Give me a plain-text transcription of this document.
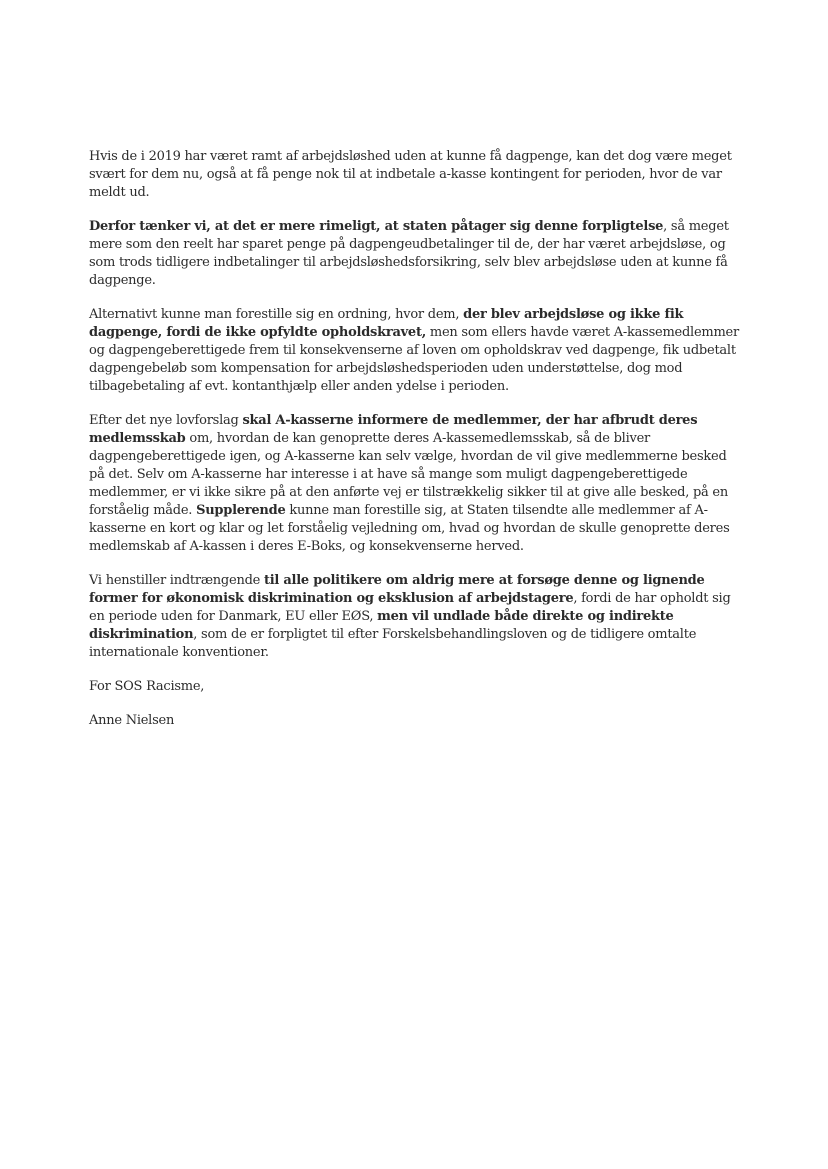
Hvis de i 2019 har været ramt af arbejdsløshed uden at kunne få dagpenge, kan det dog være meget svært for dem nu, også at få penge nok til at indbetale a-kasse kontingent for perioden, hvor de var meldt ud.

Derfor tænker vi, at det er mere rimeligt, at staten påtager sig denne forpligtelse, så meget mere som den reelt har sparet penge på dagpengeudbetalinger til de, der har været arbejdsløse, og som trods tidligere indbetalinger til arbejdsløshedsforsikring, selv blev arbejdsløse uden at kunne få dagpenge.

Alternativt kunne man forestille sig en ordning, hvor dem, der blev arbejdsløse og ikke fik dagpenge, fordi de ikke opfyldte opholdskravet, men som ellers havde været A-kassemedlemmer og dagpengeberettigede frem til konsekvenserne af loven om opholdskrav ved dagpenge, fik udbetalt dagpengebeløb som kompensation for arbejdsløshedsperioden uden understøttelse, dog mod tilbagebetaling af evt. kontanthjælp eller anden ydelse i perioden.

Efter det nye lovforslag skal A-kasserne informere de medlemmer, der har afbrudt deres medlemsskab om, hvordan de kan genoprette deres A-kassemedlemsskab, så de bliver dagpengeberettigede igen, og A-kasserne kan selv vælge, hvordan de vil give medlemmerne besked på det. Selv om A-kasserne har interesse i at have så mange som muligt dagpengeberettigede medlemmer, er vi ikke sikre på at den anførte vej er tilstrækkelig sikker til at give alle besked, på en forståelig måde. Supplerende kunne man forestille sig, at Staten tilsendte alle medlemmer af A-kasserne en kort og klar og let forståelig vejledning om, hvad og hvordan de skulle genoprette deres medlemskab af A-kassen i deres E-Boks, og konsekvenserne herved.

Vi henstiller indtrængende til alle politikere om aldrig mere at forsøge denne og lignende former for økonomisk diskrimination og eksklusion af arbejdstagere, fordi de har opholdt sig en periode uden for Danmark, EU eller EØS, men vil undlade både direkte og indirekte diskrimination, som de er forpligtet til efter Forskelsbehandlingsloven og de tidligere omtalte internationale konventioner.

For SOS Racisme,

Anne Nielsen
